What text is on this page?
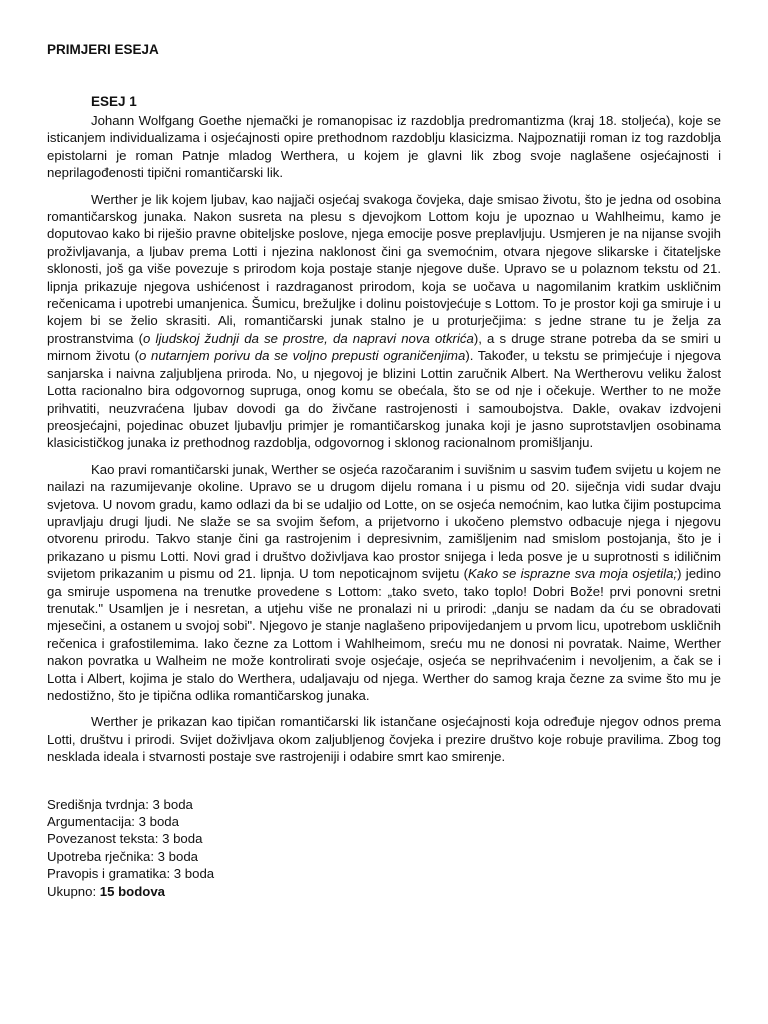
PRIMJERI ESEJA

ESEJ 1

Johann Wolfgang Goethe njemački je romanopisac iz razdoblja predromantizma (kraj 18. stoljeća), koje se isticanjem individualizama i osjećajnosti opire prethodnom razdoblju klasicizma. Najpoznatiji roman iz tog razdoblja epistolarni je roman Patnje mladog Werthera, u kojem je glavni lik zbog svoje naglašene osjećajnosti i neprilagođenosti tipični romantičarski lik.

Werther je lik kojem ljubav, kao najjači osjećaj svakoga čovjeka, daje smisao životu, što je jedna od osobina romantičarskog junaka. Nakon susreta na plesu s djevojkom Lottom koju je upoznao u Wahlheimu, kamo je doputovao kako bi riješio pravne obiteljske poslove, njega emocije posve preplavljuju. Usmjeren je na nijanse svojih proživljavanja, a ljubav prema Lotti i njezina naklonost čini ga svemoćnim, otvara njegove slikarske i čitateljske sklonosti, još ga više povezuje s prirodom koja postaje stanje njegove duše. Upravo se u polaznom tekstu od 21. lipnja prikazuje njegova ushićenost i razdraganost prirodom, koja se uočava u nagomilanim kratkim uskličnim rečenicama i upotrebi umanjenica. Šumicu, brežuljke i dolinu poistovjećuje s Lottom. To je prostor koji ga smiruje i u kojem bi se želio skrasiti. Ali, romantičarski junak stalno je u proturječjima: s jedne strane tu je želja za prostranstvima (o ljudskoj žudnji da se prostre, da napravi nova otkrića), a s druge strane potreba da se smiri u mirnom životu (o nutarnjem porivu da se voljno prepusti ograničenjima). Također, u tekstu se primjećuje i njegova sanjarska i naivna zaljubljena priroda. No, u njegovoj je blizini Lottin zaručnik Albert. Na Wertherovu veliku žalost Lotta racionalno bira odgovornog supruga, onog komu se obećala, što se od nje i očekuje. Werther to ne može prihvatiti, neuzvraćena ljubav dovodi ga do živčane rastrojenosti i samoubojstva. Dakle, ovakav izdvojeni preosjećajni, pojedinac obuzet ljubavlju primjer je romantičarskog junaka koji je jasno suprotstavljen osobinama klasicističkog junaka iz prethodnog razdoblja, odgovornog i sklonog racionalnom promišljanju.

Kao pravi romantičarski junak, Werther se osjeća razočaranim i suvišnim u sasvim tuđem svijetu u kojem ne nailazi na razumijevanje okoline. Upravo se u drugom dijelu romana i u pismu od 20. siječnja vidi sudar dvaju svjetova. U novom gradu, kamo odlazi da bi se udaljio od Lotte, on se osjeća nemoćnim, kao lutka čijim postupcima upravljaju drugi ljudi. Ne slaže se sa svojim šefom, a prijetvorno i ukočeno plemstvo odbacuje njega i njegovu otvorenu prirodu. Takvo stanje čini ga rastrojenim i depresivnim, zamišljenim nad smislom postojanja, što je i prikazano u pismu Lotti. Novi grad i društvo doživljava kao prostor snijega i leda posve je u suprotnosti s idiličnim svijetom prikazanim u pismu od 21. lipnja. U tom nepoticajnom svijetu (Kako se isprazne sva moja osjetila;) jedino ga smiruje uspomena na trenutke provedene s Lottom: „tako sveto, tako toplo! Dobri Bože! prvi ponovni sretni trenutak." Usamljen je i nesretan, a utjehu više ne pronalazi ni u prirodi: „danju se nadam da ću se obradovati mjesečini, a ostanem u svojoj sobi". Njegovo je stanje naglašeno pripovijedanjem u prvom licu, upotrebom uskličnih rečenica i grafostilemima. Iako čezne za Lottom i Wahlheimom, sreću mu ne donosi ni povratak. Naime, Werther nakon povratka u Walheim ne može kontrolirati svoje osjećaje, osjeća se neprihvaćenim i nevoljenim, a čak se i Lotta i Albert, kojima je stalo do Werthera, udaljavaju od njega. Werther do samog kraja čezne za svime što mu je nedostižno, što je tipična odlika romantičarskog junaka.

Werther je prikazan kao tipičan romantičarski lik istančane osjećajnosti koja određuje njegov odnos prema Lotti, društvu i prirodi. Svijet doživljava okom zaljubljenog čovjeka i prezire društvo koje robuje pravilima. Zbog tog nesklada ideala i stvarnosti postaje sve rastrojeniji i odabire smrt kao smirenje.

Središnja tvrdnja: 3 boda
Argumentacija: 3 boda
Povezanost teksta: 3 boda
Upotreba rječnika: 3 boda
Pravopis i gramatika: 3 boda
Ukupno: 15 bodova
